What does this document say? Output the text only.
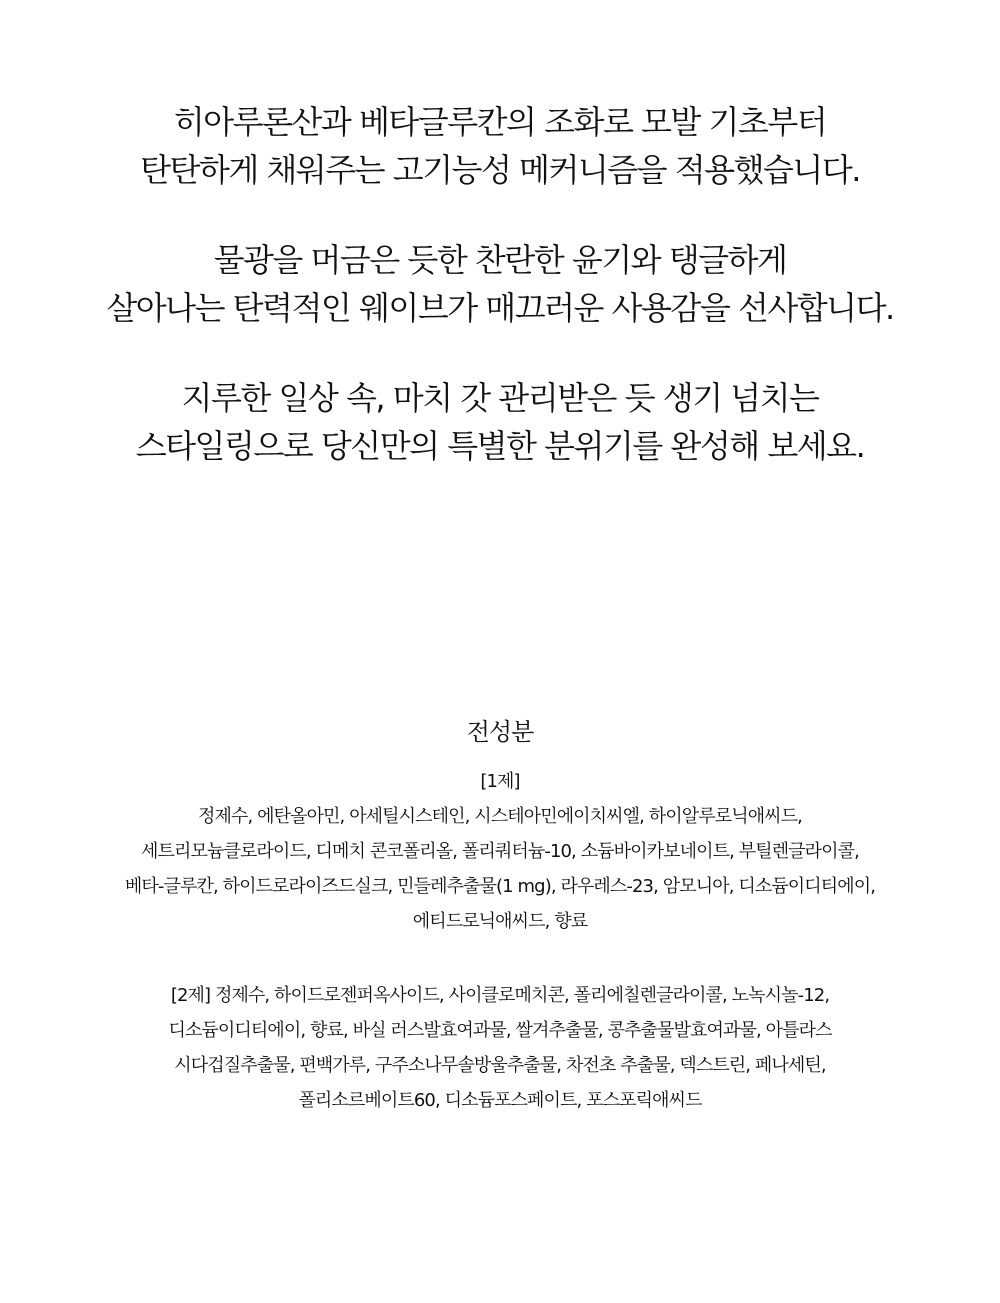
히아루론산과 베타글루칸의 조화로 모발 기초부터
탄탄하게 채워주는 고기능성 메커니즘을 적용했습니다.

물광을 머금은 듯한 찬란한 윤기와 탱글하게
살아나는 탄력적인 웨이브가 매끄러운 사용감을 선사합니다.

지루한 일상 속, 마치 갓 관리받은 듯 생기 넘치는
스타일링으로 당신만의 특별한 분위기를 완성해 보세요.

전성분
[1제]
정제수, 에탄올아민, 아세틸시스테인, 시스테아민에이치씨엘, 하이알루로닉애씨드,
세트리모늄클로라이드, 디메치 콘코폴리올, 폴리쿼터늄-10, 소듐바이카보네이트, 부틸렌글라이콜,
베타-글루칸, 하이드로라이즈드실크, 민들레추출물(1 mg), 라우레스-23, 암모니아, 디소듐이디티에이,
에티드로닉애씨드, 향료
[2제] 정제수, 하이드로젠퍼옥사이드, 사이클로메치콘, 폴리에칠렌글라이콜, 노녹시놀-12,
디소듐이디티에이, 향료, 바실 러스발효여과물, 쌀겨추출물, 콩추출물발효여과물, 아틀라스
시다겁질추출물, 편백가루, 구주소나무솔방울추출물, 차전초 추출물, 덱스트린, 페나세틴,
폴리소르베이트60, 디소듐포스페이트, 포스포릭애씨드
